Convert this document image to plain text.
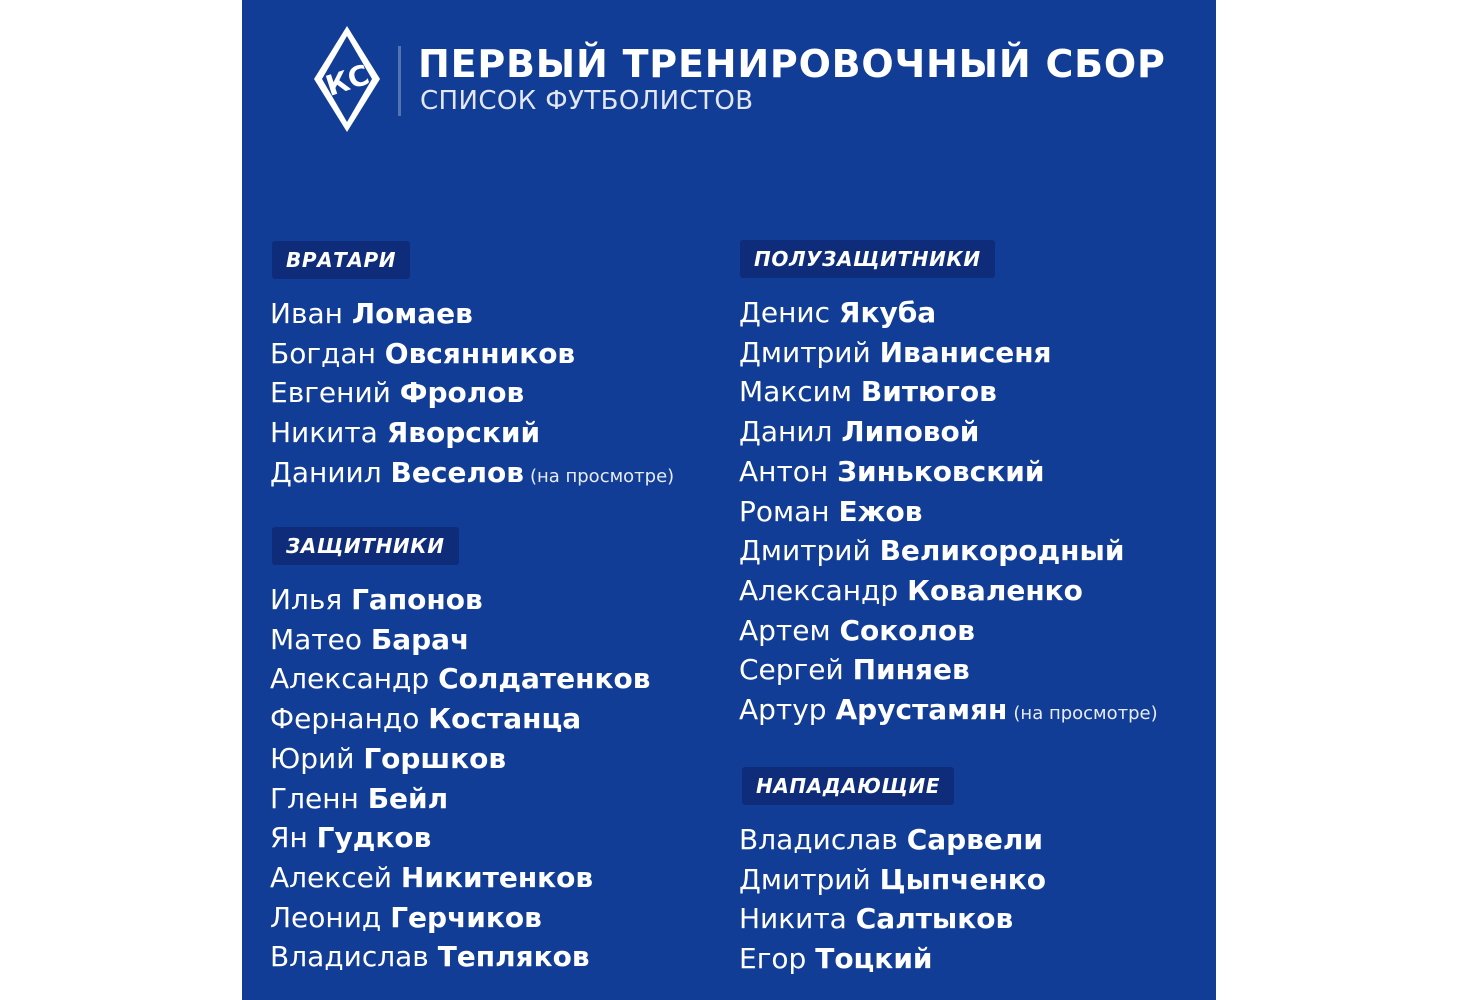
КС ПЕРВЫЙ ТРЕНИРОВОЧНЫЙ СБОР
СПИСОК ФУТБОЛИСТОВ
ВРАТАРИ
Иван Ломаев
Богдан Овсянников
Евгений Фролов
Никита Яворский
Даниил Веселов (на просмотре)
ЗАЩИТНИКИ
Илья Гапонов
Матео Барач
Александр Солдатенков
Фернандо Костанца
Юрий Горшков
Гленн Бейл
Ян Гудков
Алексей Никитенков
Леонид Герчиков
Владислав Тепляков
ПОЛУЗАЩИТНИКИ
Денис Якуба
Дмитрий Иванисеня
Максим Витюгов
Данил Липовой
Антон Зиньковский
Роман Ежов
Дмитрий Великородный
Александр Коваленко
Артем Соколов
Сергей Пиняев
Артур Арустамян (на просмотре)
НАПАДАЮЩИЕ
Владислав Сарвели
Дмитрий Цыпченко
Никита Салтыков
Егор Тоцкий
